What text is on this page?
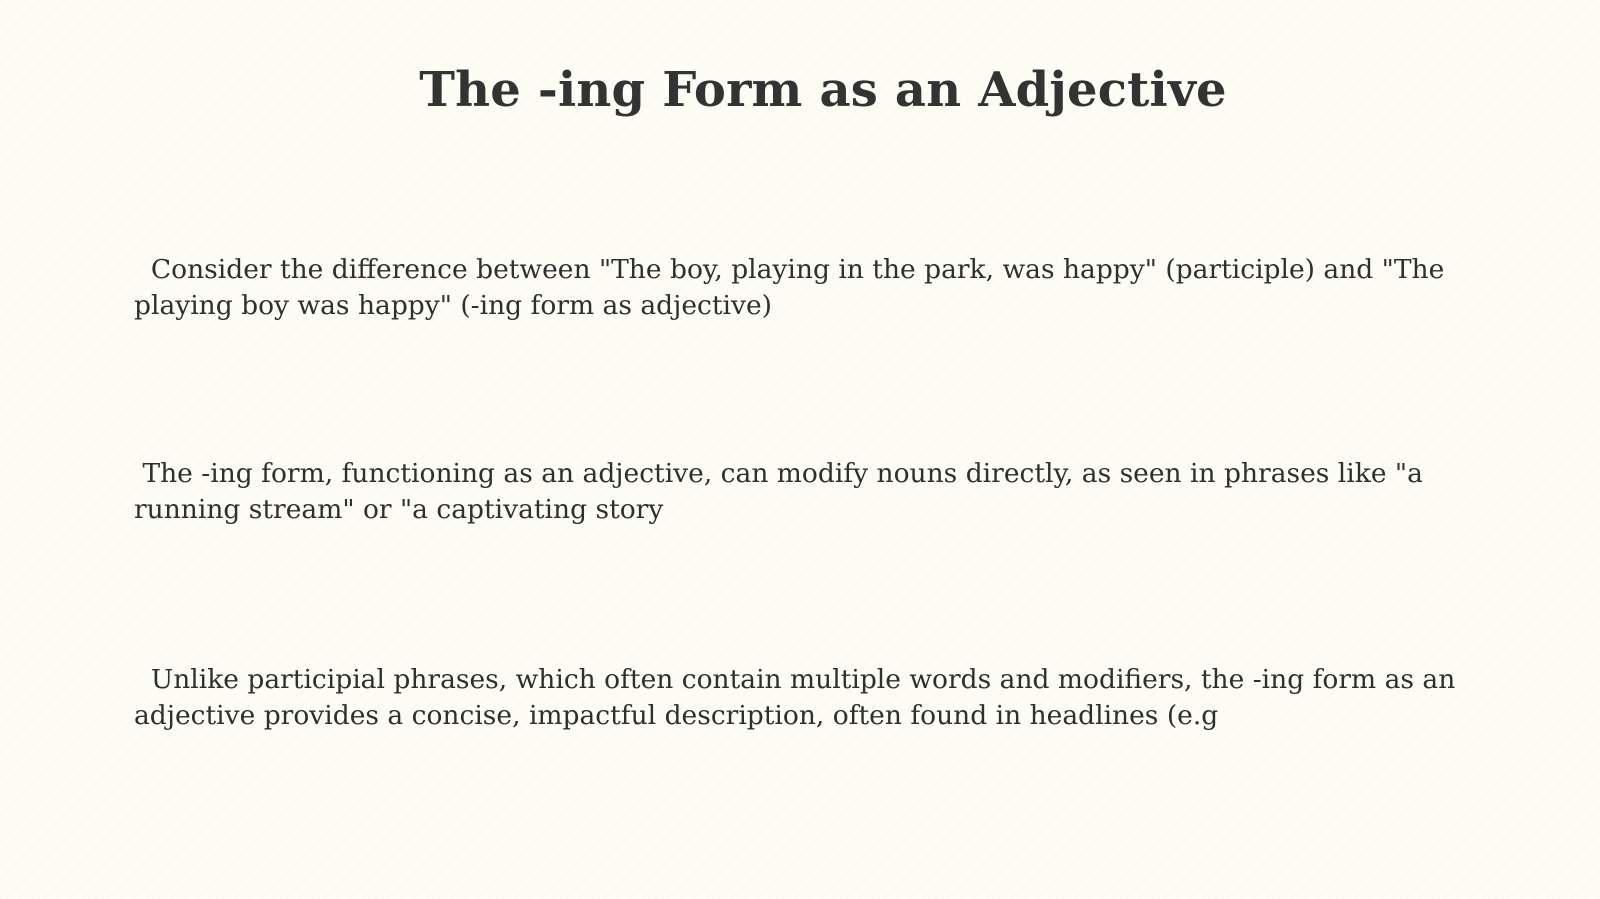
The -ing Form as an Adjective

Consider the difference between "The boy, playing in the park, was happy" (participle) and "The playing boy was happy" (-ing form as adjective)

The -ing form, functioning as an adjective, can modify nouns directly, as seen in phrases like "a running stream" or "a captivating story

Unlike participial phrases, which often contain multiple words and modifiers, the -ing form as an adjective provides a concise, impactful description, often found in headlines (e.g
